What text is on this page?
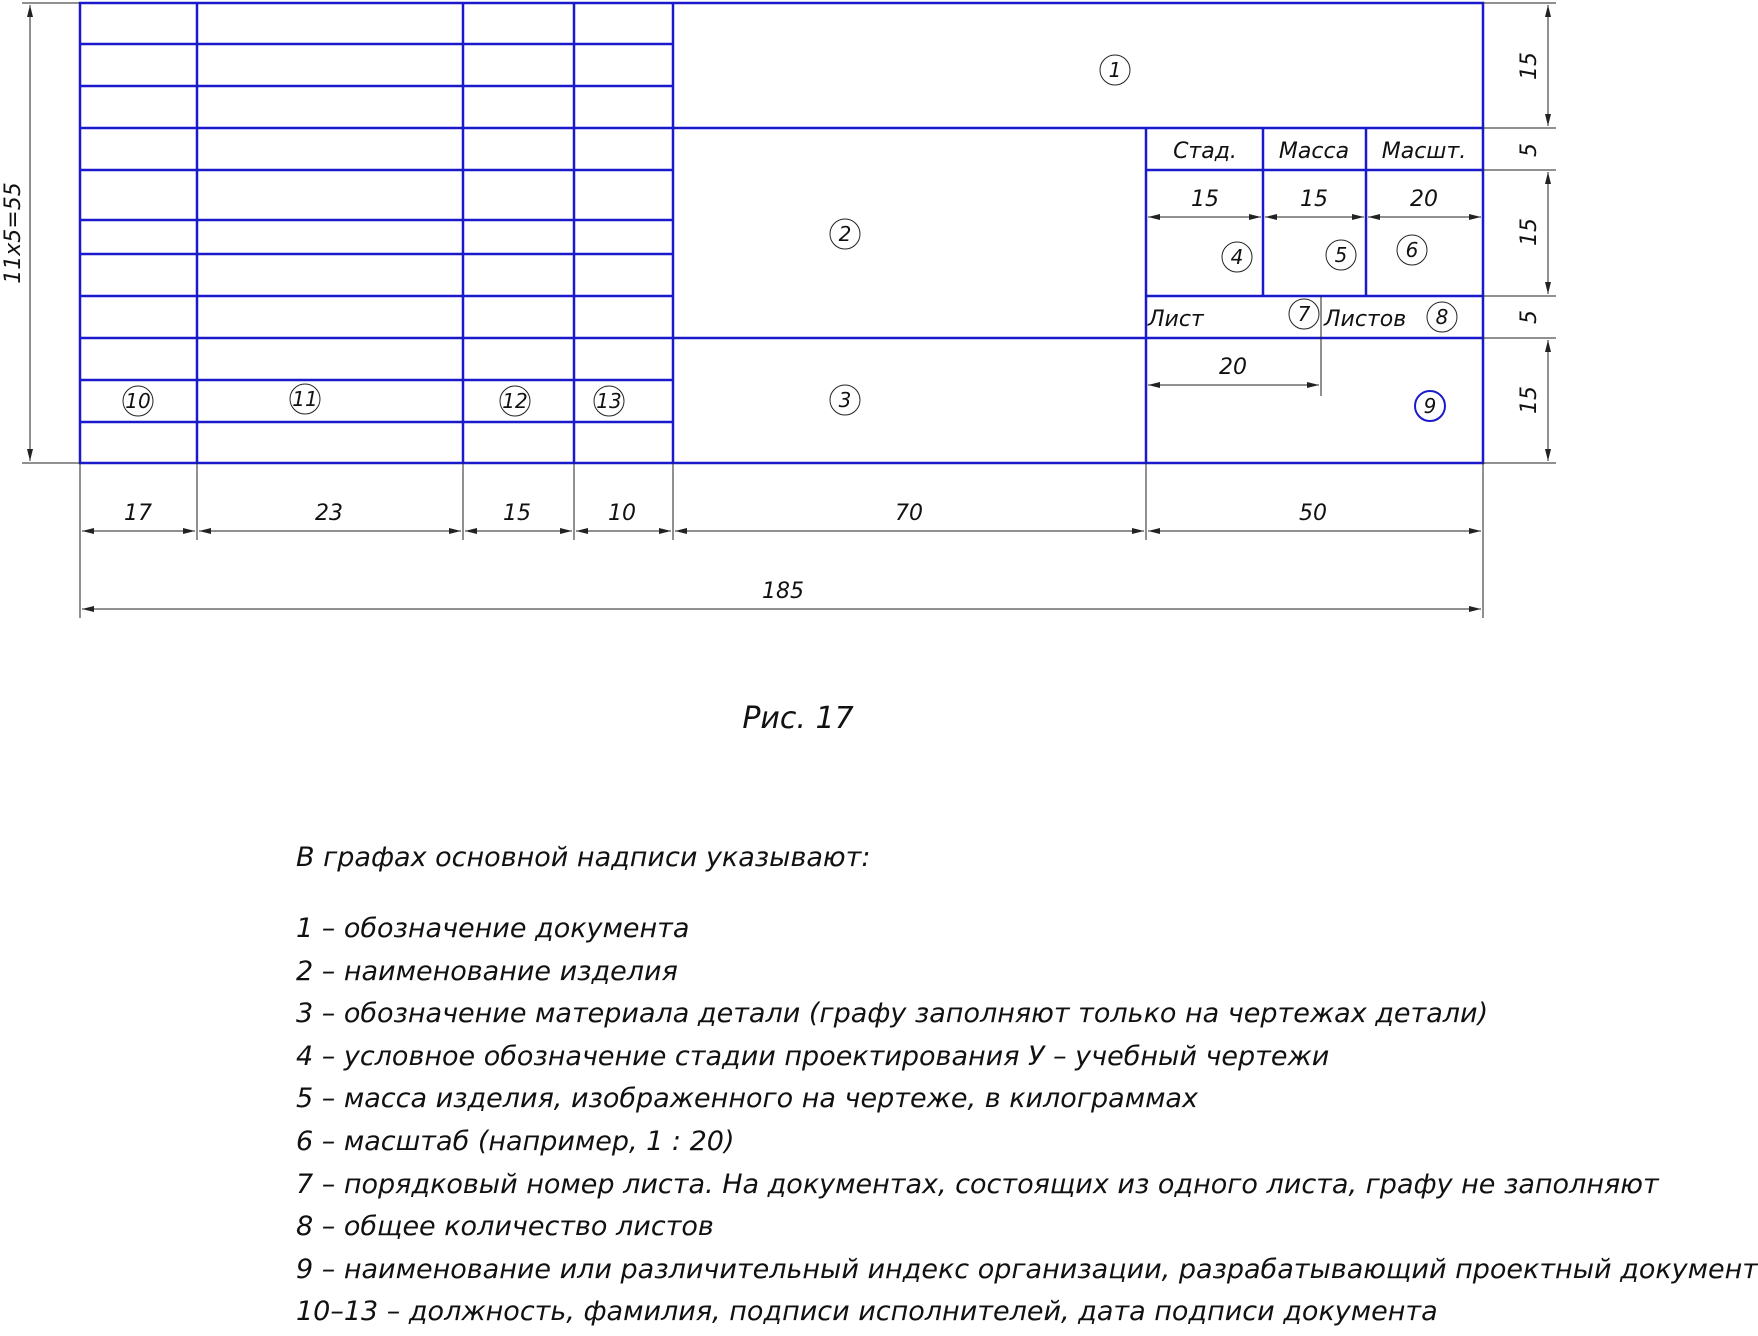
17	23	15	10	70	50
185
11x5=55
15
5
15
5
15
15	15	20
20
Стад. Масса Масшт.
Лист	Листов
1
2
3
4	5	6
7	8
9
10	11	12	13
Рис. 17
В графах основной надписи указывают:
1 – обозначение документа
2 – наименование изделия
3 – обозначение материала детали (графу заполняют только на чертежах детали)
4 – условное обозначение стадии проектирования У – учебный чертежи
5 – масса изделия, изображенного на чертеже, в килограммах
6 – масштаб (например, 1 : 20)
7 – порядковый номер листа. На документах, состоящих из одного листа, графу не заполняют
8 – общее количество листов
9 – наименование или различительный индекс организации, разрабатывающий проектный документ
10–13 – должность, фамилия, подписи исполнителей, дата подписи документа
